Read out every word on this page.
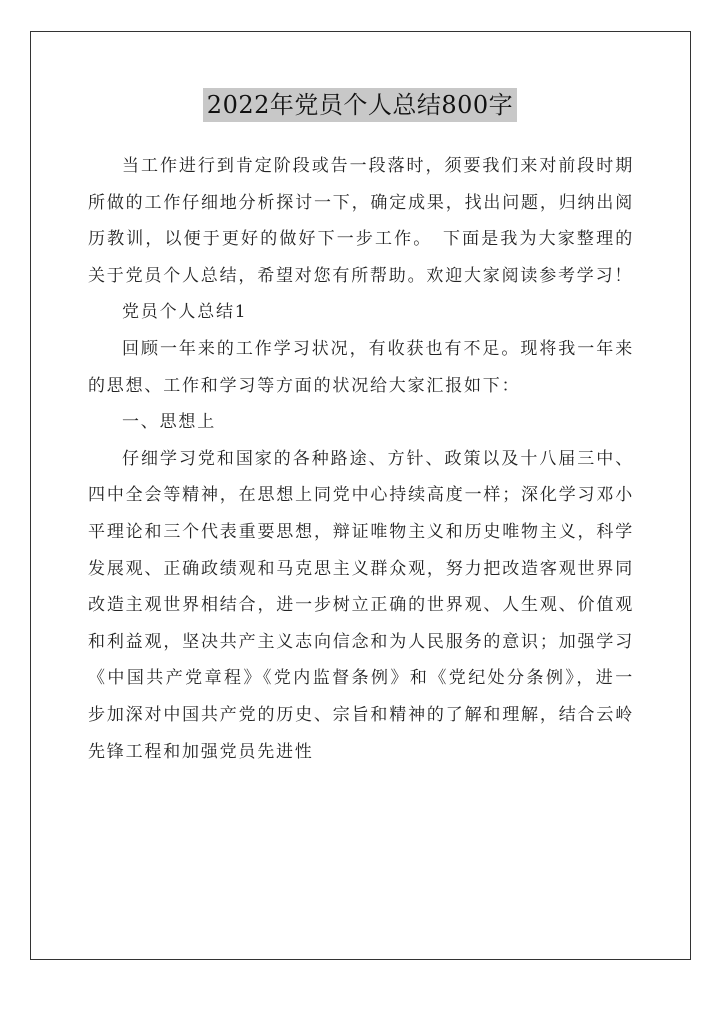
2022年党员个人总结800字

当工作进行到肯定阶段或告一段落时，须要我们来对前段时期所做的工作仔细地分析探讨一下，确定成果，找出问题，归纳出阅历教训，以便于更好的做好下一步工作。　下面是我为大家整理的关于党员个人总结，希望对您有所帮助。欢迎大家阅读参考学习！

党员个人总结1

回顾一年来的工作学习状况，有收获也有不足。现将我一年来的思想、工作和学习等方面的状况给大家汇报如下：

一、思想上

仔细学习党和国家的各种路途、方针、政策以及十八届三中、四中全会等精神，在思想上同党中心持续高度一样；深化学习邓小平理论和三个代表重要思想，辩证唯物主义和历史唯物主义，科学发展观、正确政绩观和马克思主义群众观，努力把改造客观世界同改造主观世界相结合，进一步树立正确的世界观、人生观、价值观和利益观，坚决共产主义志向信念和为人民服务的意识；加强学习《中国共产党章程》《党内监督条例》和《党纪处分条例》，进一步加深对中国共产党的历史、宗旨和精神的了解和理解，结合云岭先锋工程和加强党员先进性
